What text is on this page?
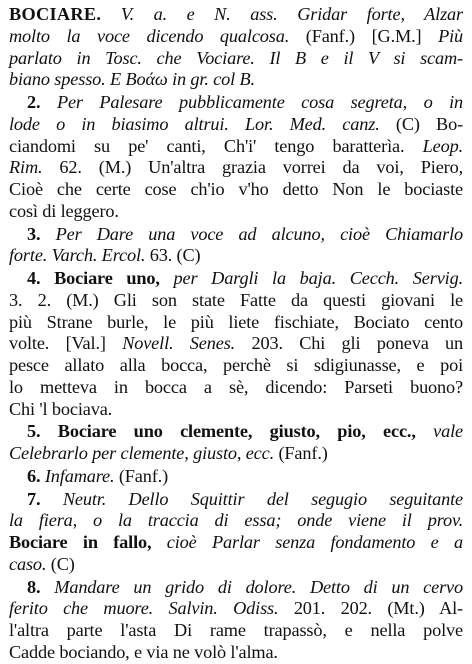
BOCIARE. V. a. e N. ass. Gridar forte, Alzar
molto la voce dicendo qualcosa. (Fanf.) [G.M.] Più
parlato in Tosc. che Vociare. Il B e il V si scam-
biano spesso. E Βοάω in gr. col B.
2. Per Palesare pubblicamente cosa segreta, o in
lode o in biasimo altrui. Lor. Med. canz. (C) Bo-
ciandomi su pe' canti, Ch'i' tengo baratterìa. Leop.
Rim. 62. (M.) Un'altra grazia vorrei da voi, Piero,
Cioè che certe cose ch'io v'ho detto Non le bociaste
così di leggero.
3. Per Dare una voce ad alcuno, cioè Chiamarlo
forte. Varch. Ercol. 63. (C)
4. Bociare uno, per Dargli la baja. Cecch. Servig.
3. 2. (M.) Gli son state Fatte da questi giovani le
più Strane burle, le più liete fischiate, Bociato cento
volte. [Val.] Novell. Senes. 203. Chi gli poneva un
pesce allato alla bocca, perchè si sdigiunasse, e poi
lo metteva in bocca a sè, dicendo: Parseti buono?
Chi 'l bociava.
5. Bociare uno clemente, giusto, pio, ecc., vale
Celebrarlo per clemente, giusto, ecc. (Fanf.)
6. Infamare. (Fanf.)
7. Neutr. Dello Squittir del segugio seguitante
la fiera, o la traccia di essa; onde viene il prov.
Bociare in fallo, cioè Parlar senza fondamento e a
caso. (C)
8. Mandare un grido di dolore. Detto di un cervo
ferito che muore. Salvin. Odiss. 201. 202. (Mt.) Al-
l'altra parte l'asta Di rame trapassò, e nella polve
Cadde bociando, e via ne volò l'alma.
